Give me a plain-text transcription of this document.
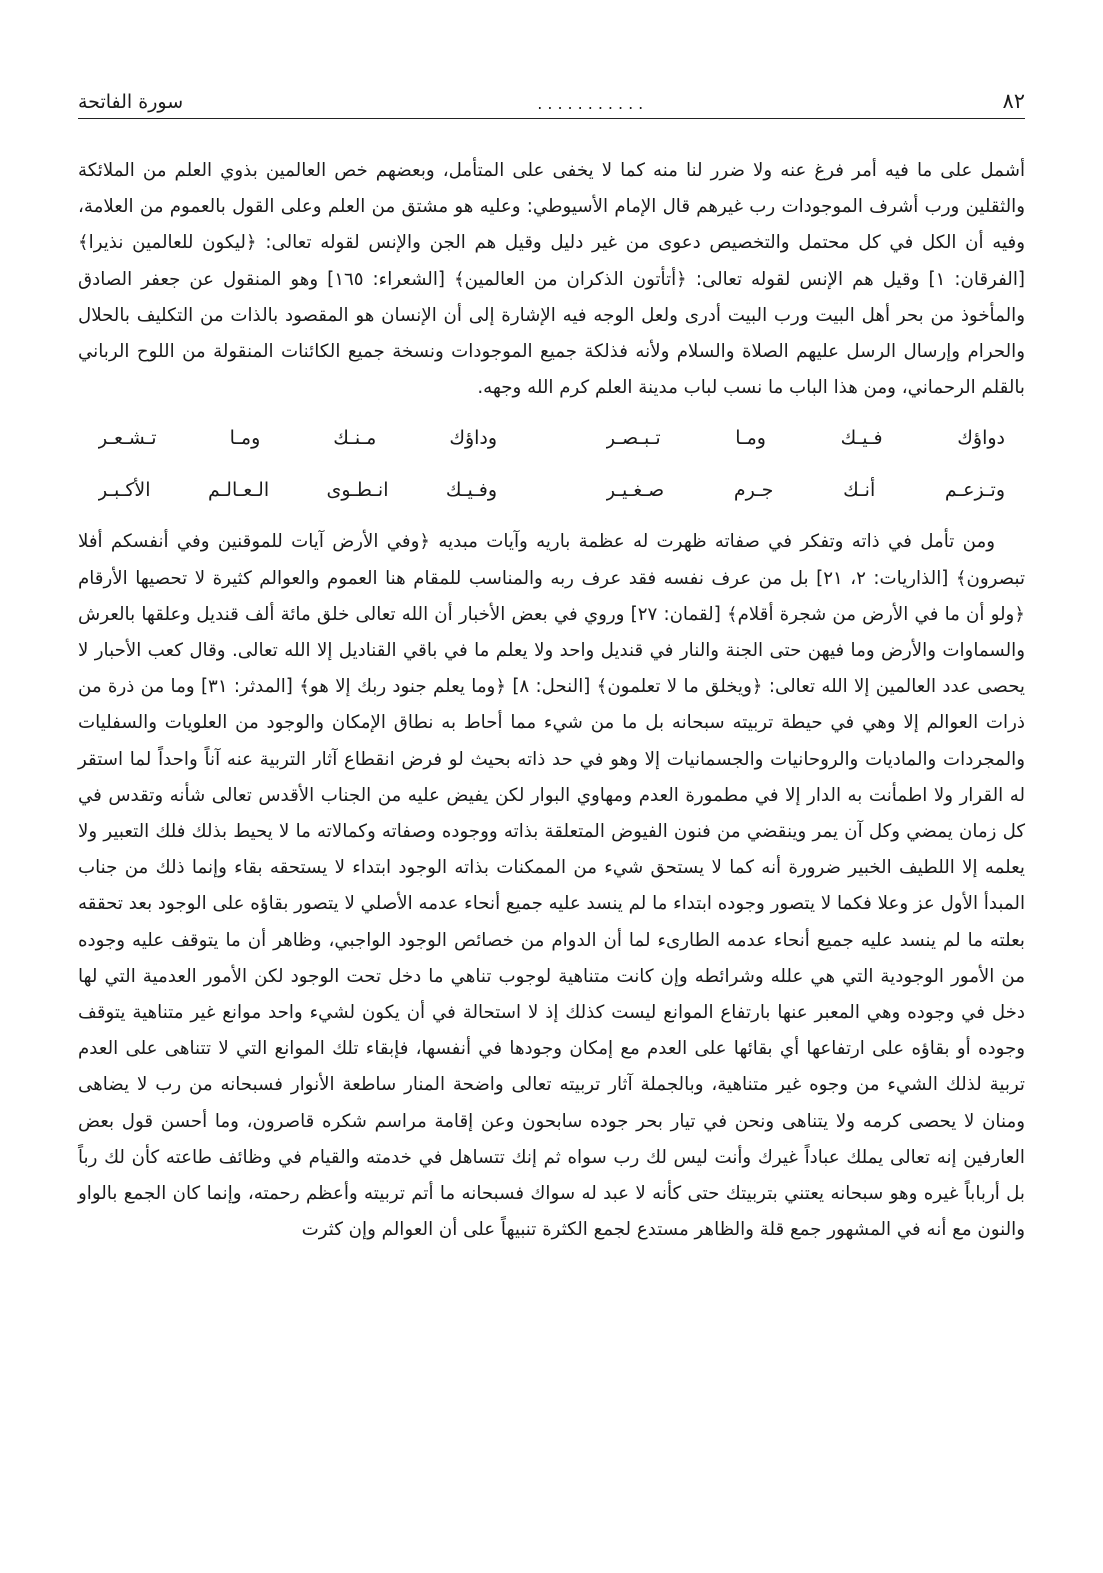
٨٢
...........
سورة الفاتحة

أشمل على ما فيه أمر فرغ عنه ولا ضرر لنا منه كما لا يخفى على المتأمل، وبعضهم خص العالمين بذوي العلم من الملائكة والثقلين ورب أشرف الموجودات رب غيرهم قال الإمام الأسيوطي: وعليه هو مشتق من العلم وعلى القول بالعموم من العلامة، وفيه أن الكل في كل محتمل والتخصيص دعوى من غير دليل وقيل هم الجن والإنس لقوله تعالى: ﴿ليكون للعالمين نذيرا﴾ [الفرقان: ١] وقيل هم الإنس لقوله تعالى: ﴿أتأتون الذكران من العالمين﴾ [الشعراء: ١٦٥] وهو المنقول عن جعفر الصادق والمأخوذ من بحر أهل البيت ورب البيت أدرى ولعل الوجه فيه الإشارة إلى أن الإنسان هو المقصود بالذات من التكليف بالحلال والحرام وإرسال الرسل عليهم الصلاة والسلام ولأنه فذلكة جميع الموجودات ونسخة جميع الكائنات المنقولة من اللوح الرباني بالقلم الرحماني، ومن هذا الباب ما نسب لباب مدينة العلم كرم الله وجهه.

دواؤك فـيـك ومـا تـبـصـر
وداؤك مـنـك ومـا تـشـعـر
وتـزعـم أنـك جـرم صـغـيـر
وفـيـك انـطـوى الـعـالـم الأكـبـر

ومن تأمل في ذاته وتفكر في صفاته ظهرت له عظمة باريه وآيات مبديه ﴿وفي الأرض آيات للموقنين وفي أنفسكم أفلا تبصرون﴾ [الذاريات: ٢، ٢١] بل من عرف نفسه فقد عرف ربه والمناسب للمقام هنا العموم والعوالم كثيرة لا تحصيها الأرقام ﴿ولو أن ما في الأرض من شجرة أقلام﴾ [لقمان: ٢٧] وروي في بعض الأخبار أن الله تعالى خلق مائة ألف قنديل وعلقها بالعرش والسماوات والأرض وما فيهن حتى الجنة والنار في قنديل واحد ولا يعلم ما في باقي القناديل إلا الله تعالى. وقال كعب الأحبار لا يحصى عدد العالمين إلا الله تعالى: ﴿ويخلق ما لا تعلمون﴾ [النحل: ٨] ﴿وما يعلم جنود ربك إلا هو﴾ [المدثر: ٣١] وما من ذرة من ذرات العوالم إلا وهي في حيطة تربيته سبحانه بل ما من شيء مما أحاط به نطاق الإمكان والوجود من العلويات والسفليات والمجردات والماديات والروحانيات والجسمانيات إلا وهو في حد ذاته بحيث لو فرض انقطاع آثار التربية عنه آناً واحداً لما استقر له القرار ولا اطمأنت به الدار إلا في مطمورة العدم ومهاوي البوار لكن يفيض عليه من الجناب الأقدس تعالى شأنه وتقدس في كل زمان يمضي وكل آن يمر وينقضي من فنون الفيوض المتعلقة بذاته ووجوده وصفاته وكمالاته ما لا يحيط بذلك فلك التعبير ولا يعلمه إلا اللطيف الخبير ضرورة أنه كما لا يستحق شيء من الممكنات بذاته الوجود ابتداء لا يستحقه بقاء وإنما ذلك من جناب المبدأ الأول عز وعلا فكما لا يتصور وجوده ابتداء ما لم ينسد عليه جميع أنحاء عدمه الأصلي لا يتصور بقاؤه على الوجود بعد تحققه بعلته ما لم ينسد عليه جميع أنحاء عدمه الطارىء لما أن الدوام من خصائص الوجود الواجبي، وظاهر أن ما يتوقف عليه وجوده من الأمور الوجودية التي هي علله وشرائطه وإن كانت متناهية لوجوب تناهي ما دخل تحت الوجود لكن الأمور العدمية التي لها دخل في وجوده وهي المعبر عنها بارتفاع الموانع ليست كذلك إذ لا استحالة في أن يكون لشيء واحد موانع غير متناهية يتوقف وجوده أو بقاؤه على ارتفاعها أي بقائها على العدم مع إمكان وجودها في أنفسها، فإبقاء تلك الموانع التي لا تتناهى على العدم تربية لذلك الشيء من وجوه غير متناهية، وبالجملة آثار تربيته تعالى واضحة المنار ساطعة الأنوار فسبحانه من رب لا يضاهى ومنان لا يحصى كرمه ولا يتناهى ونحن في تيار بحر جوده سابحون وعن إقامة مراسم شكره قاصرون، وما أحسن قول بعض العارفين إنه تعالى يملك عباداً غيرك وأنت ليس لك رب سواه ثم إنك تتساهل في خدمته والقيام في وظائف طاعته كأن لك رباً بل أرباباً غيره وهو سبحانه يعتني بتربيتك حتى كأنه لا عبد له سواك فسبحانه ما أتم تربيته وأعظم رحمته، وإنما كان الجمع بالواو والنون مع أنه في المشهور جمع قلة والظاهر مستدع لجمع الكثرة تنبيهاً على أن العوالم وإن كثرت
